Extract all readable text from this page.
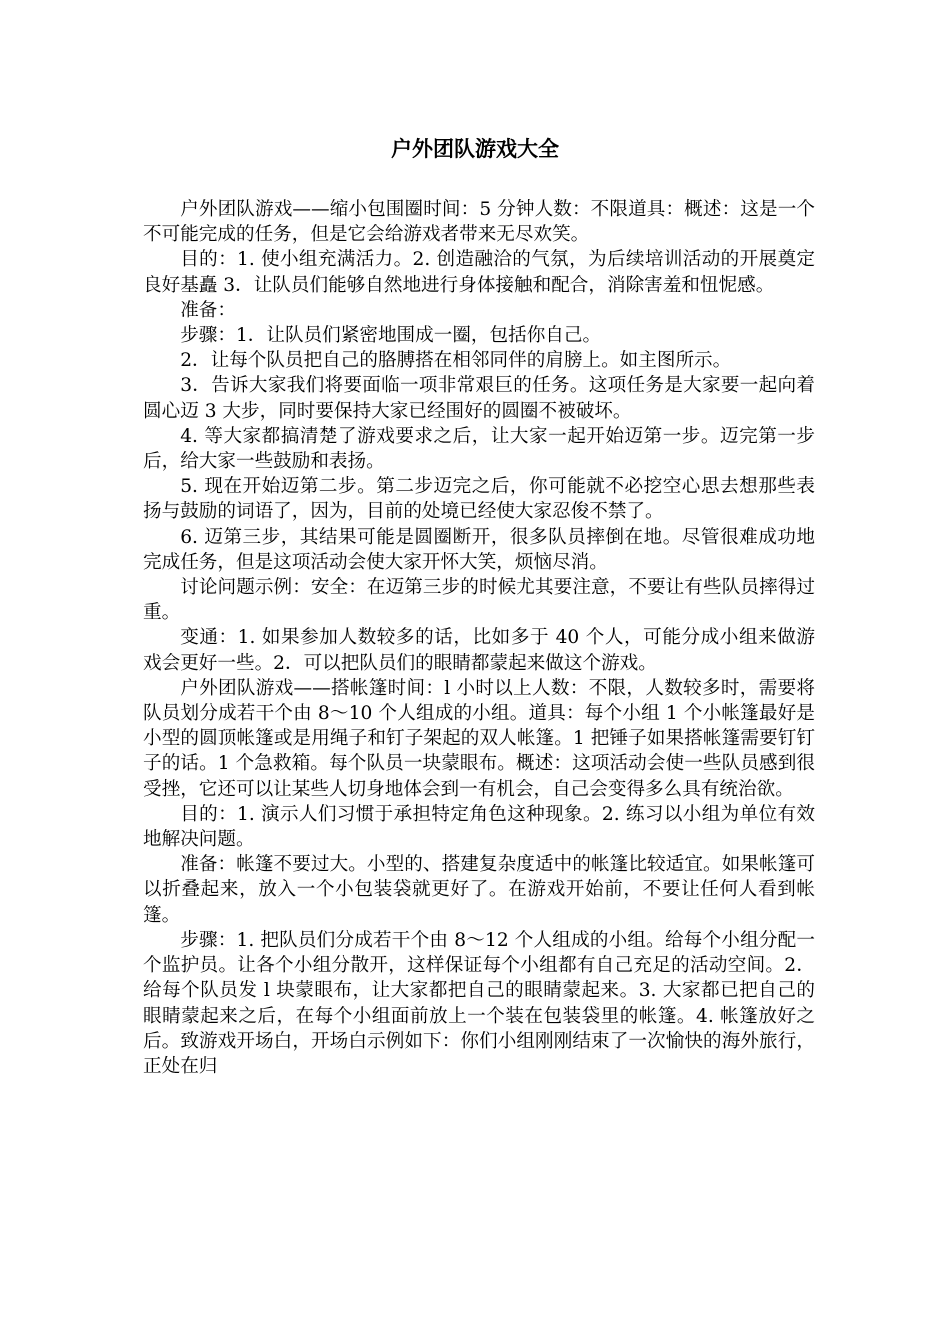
户外团队游戏大全

户外团队游戏——缩小包围圈时间：5 分钟人数：不限道具：概述：这是一个不可能完成的任务，但是它会给游戏者带来无尽欢笑。

目的：1. 使小组充满活力。2. 创造融洽的气氛，为后续培训活动的开展奠定良好基矗 3．让队员们能够自然地进行身体接触和配合，消除害羞和忸怩感。

准备：

步骤：1．让队员们紧密地围成一圈，包括你自己。

2．让每个队员把自己的胳膊搭在相邻同伴的肩膀上。如主图所示。

3．告诉大家我们将要面临一项非常艰巨的任务。这项任务是大家要一起向着圆心迈 3 大步，同时要保持大家已经围好的圆圈不被破坏。

4. 等大家都搞清楚了游戏要求之后，让大家一起开始迈第一步。迈完第一步后，给大家一些鼓励和表扬。

5. 现在开始迈第二步。第二步迈完之后，你可能就不必挖空心思去想那些表扬与鼓励的词语了，因为，目前的处境已经使大家忍俊不禁了。

6. 迈第三步，其结果可能是圆圈断开，很多队员摔倒在地。尽管很难成功地完成任务，但是这项活动会使大家开怀大笑，烦恼尽消。

讨论问题示例：安全：在迈第三步的时候尤其要注意，不要让有些队员摔得过重。

变通：1. 如果参加人数较多的话，比如多于 40 个人，可能分成小组来做游戏会更好一些。2．可以把队员们的眼睛都蒙起来做这个游戏。

户外团队游戏——搭帐篷时间：l 小时以上人数：不限，人数较多时，需要将队员划分成若干个由 8～10 个人组成的小组。道具：每个小组 1 个小帐篷最好是小型的圆顶帐篷或是用绳子和钉子架起的双人帐篷。1 把锤子如果搭帐篷需要钉钉子的话。1 个急救箱。每个队员一块蒙眼布。概述：这项活动会使一些队员感到很受挫，它还可以让某些人切身地体会到一有机会，自己会变得多么具有统治欲。

目的：1. 演示人们习惯于承担特定角色这种现象。2. 练习以小组为单位有效地解决问题。

准备：帐篷不要过大。小型的、搭建复杂度适中的帐篷比较适宜。如果帐篷可以折叠起来，放入一个小包装袋就更好了。在游戏开始前，不要让任何人看到帐篷。

步骤：1. 把队员们分成若干个由 8～12 个人组成的小组。给每个小组分配一个监护员。让各个小组分散开，这样保证每个小组都有自己充足的活动空间。2．给每个队员发 l 块蒙眼布，让大家都把自己的眼睛蒙起来。3. 大家都已把自己的眼睛蒙起来之后，在每个小组面前放上一个装在包装袋里的帐篷。4. 帐篷放好之后。致游戏开场白，开场白示例如下：你们小组刚刚结束了一次愉快的海外旅行，正处在归
